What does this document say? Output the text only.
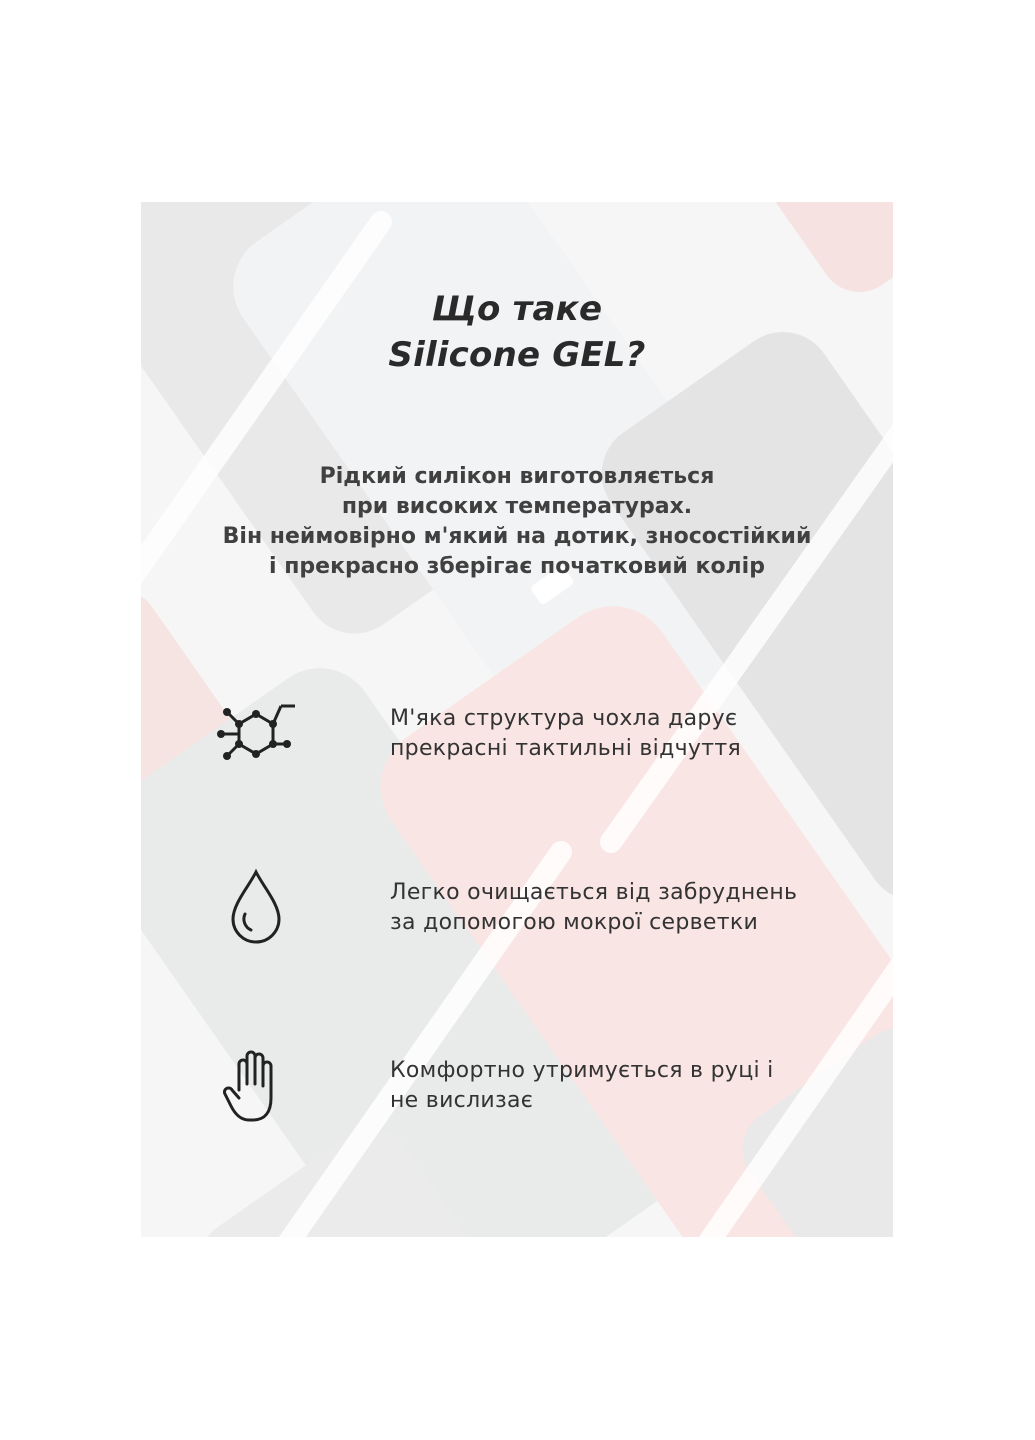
Що таке
Silicone GEL?
Рідкий силікон виготовляється
при високих температурах.
Він неймовірно м'який на дотик, зносостійкий
і прекрасно зберігає початковий колір
М'яка структура чохла дарує
прекрасні тактильні відчуття
Легко очищається від забруднень
за допомогою мокрої серветки
Комфортно утримується в руці і
не вислизає
